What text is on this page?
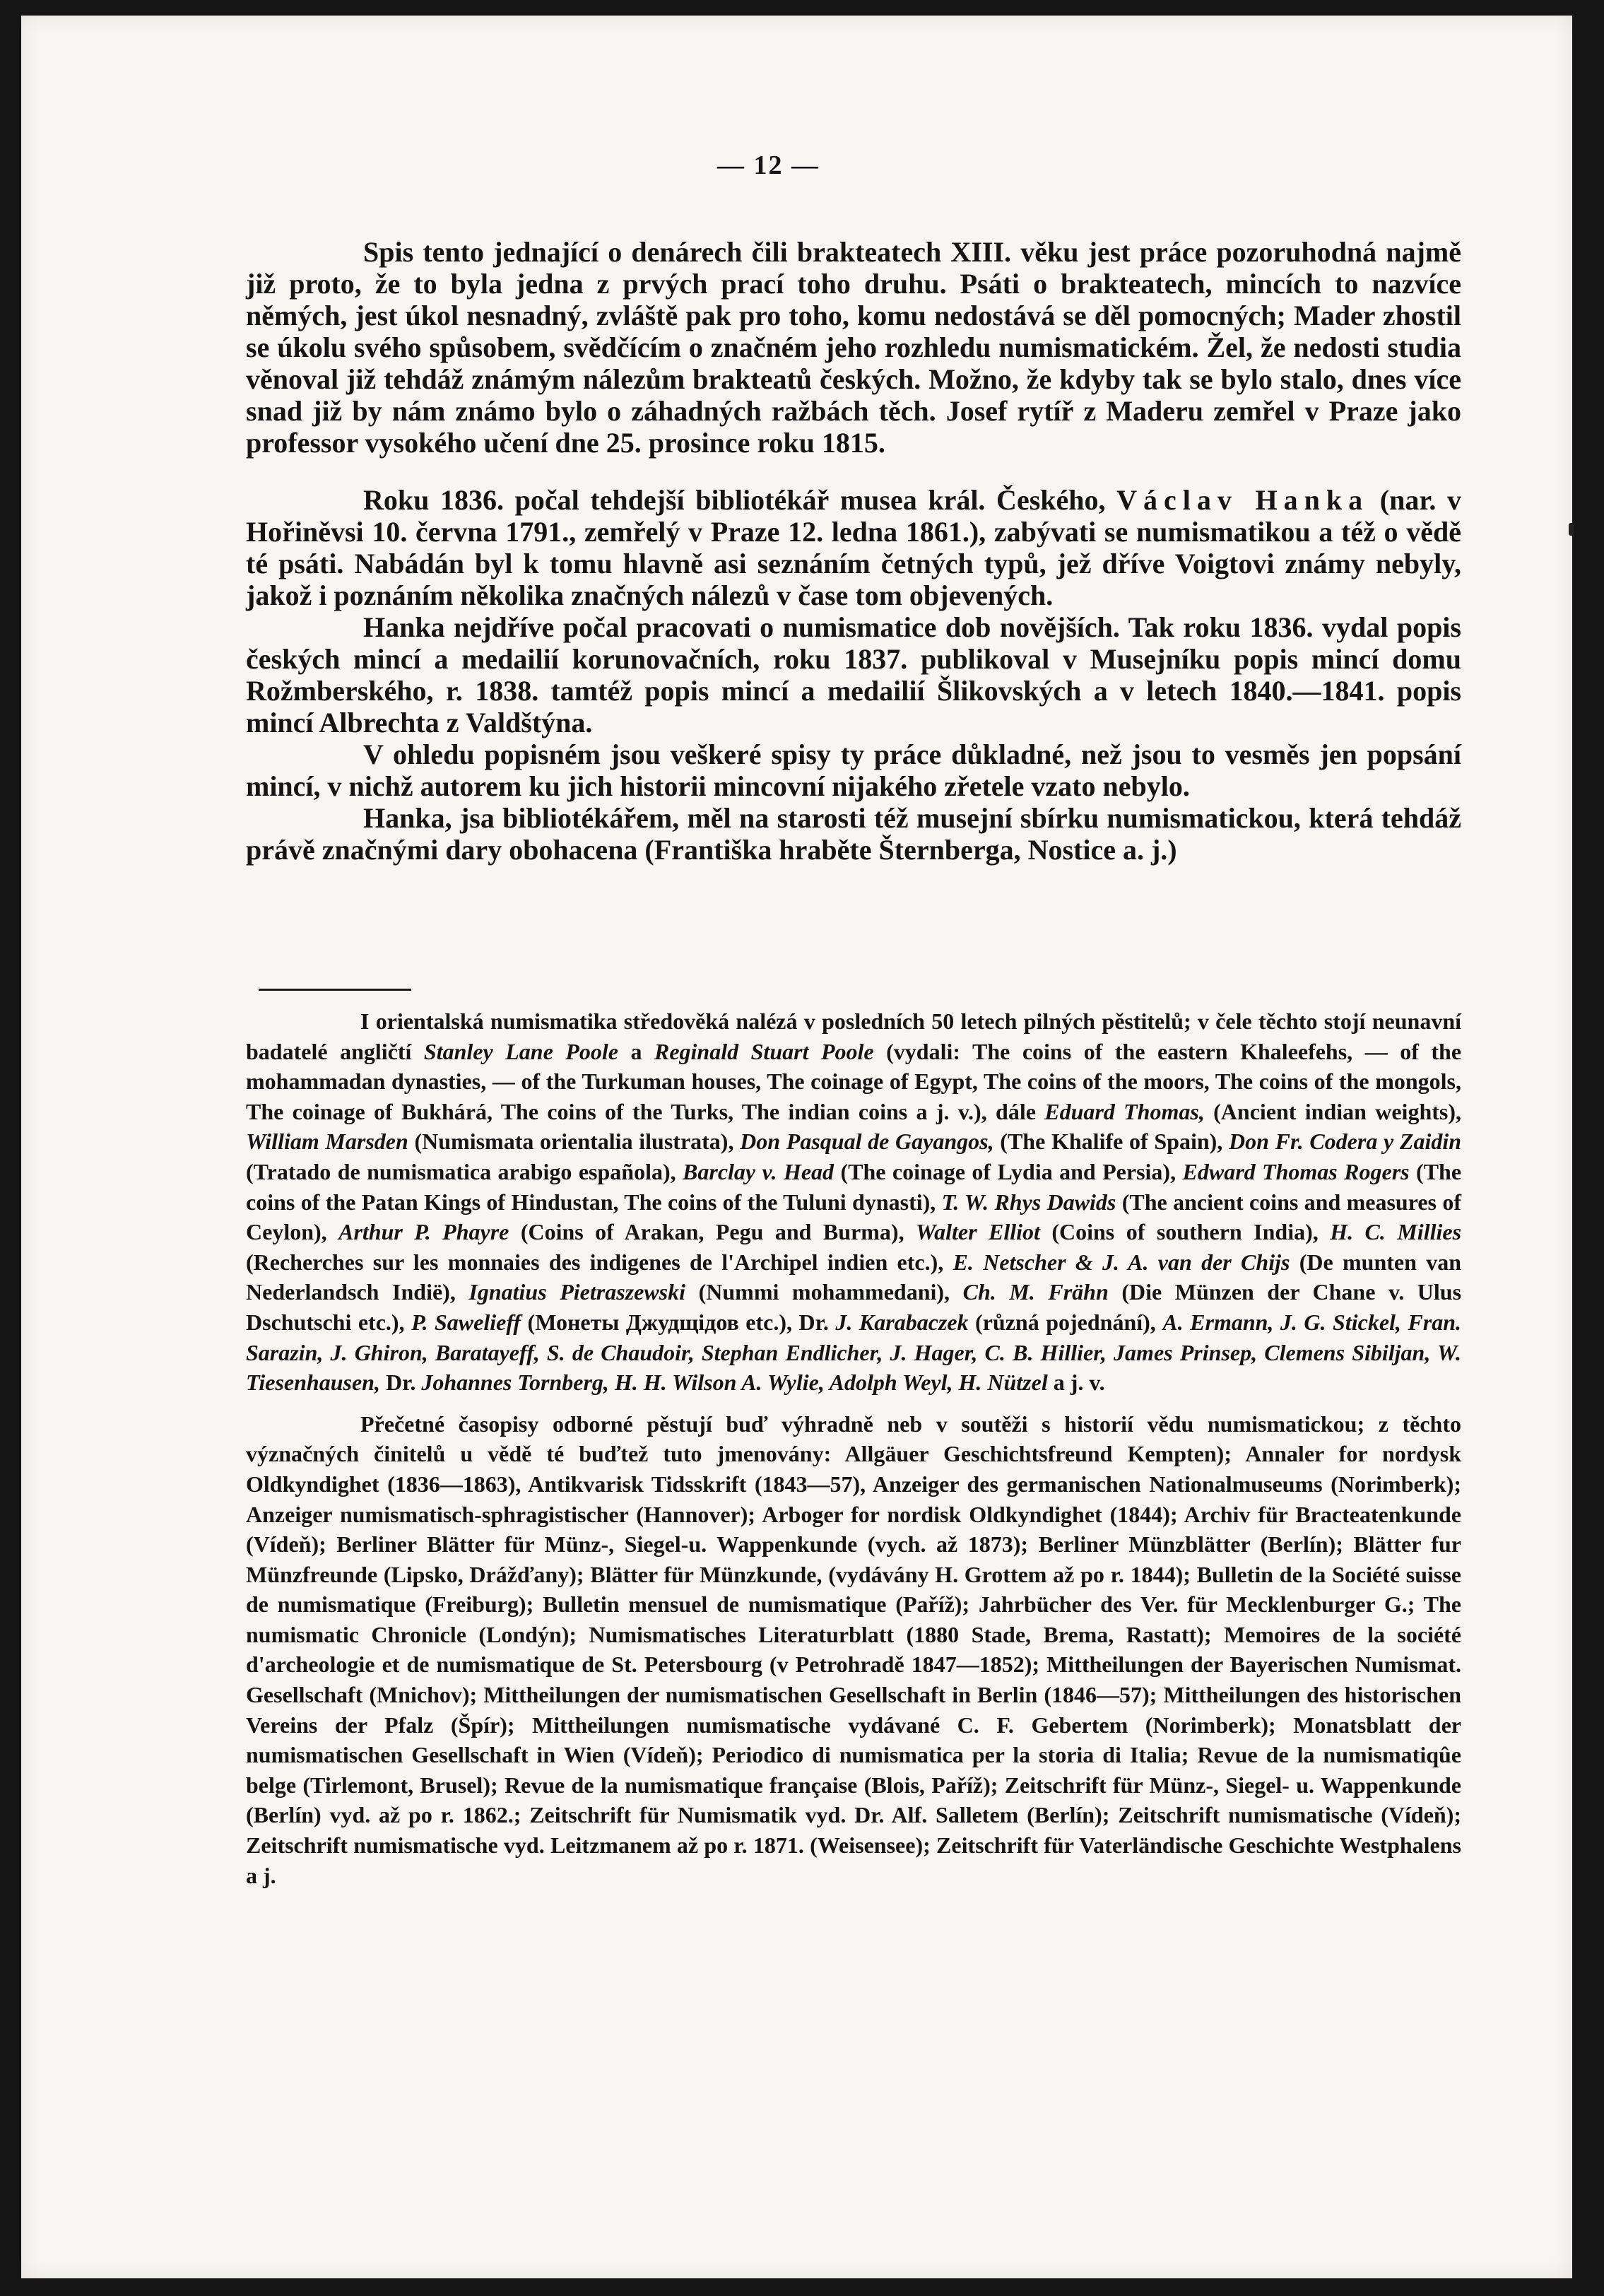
— 12 —

Spis tento jednající o denárech čili brakteatech XIII. věku jest práce pozoruhodná najmě již proto, že to byla jedna z prvých prací toho druhu. Psáti o brakteatech, mincích to nazvíce němých, jest úkol nesnadný, zvláště pak pro toho, komu nedostává se děl pomocných; Mader zhostil se úkolu svého spůsobem, svědčícím o značném jeho rozhledu numismatickém. Žel, že nedosti studia věnoval již tehdáž známým nálezům brakteatů českých. Možno, že kdyby tak se bylo stalo, dnes více snad již by nám známo bylo o záhadných ražbách těch. Josef rytíř z Maderu zemřel v Praze jako professor vysokého učení dne 25. prosince roku 1815.

Roku 1836. počal tehdejší bibliotékář musea král. Českého, Václav Hanka (nar. v Hořiněvsi 10. června 1791., zemřelý v Praze 12. ledna 1861.), zabývati se numismatikou a též o vědě té psáti. Nabádán byl k tomu hlavně asi seznáním četných typů, jež dříve Voigtovi známy nebyly, jakož i poznáním několika značných nálezů v čase tom objevených.

Hanka nejdříve počal pracovati o numismatice dob novějších. Tak roku 1836. vydal popis českých mincí a medailií korunovačních, roku 1837. publikoval v Musejníku popis mincí domu Rožmberského, r. 1838. tamtéž popis mincí a medailií Šlikovských a v letech 1840.—1841. popis mincí Albrechta z Valdštýna.

V ohledu popisném jsou veškeré spisy ty práce důkladné, než jsou to vesměs jen popsání mincí, v nichž autorem ku jich historii mincovní nijakého zřetele vzato nebylo.

Hanka, jsa bibliotékářem, měl na starosti též musejní sbírku numismatickou, která tehdáž právě značnými dary obohacena (Františka hraběte Šternberga, Nostice a. j.)

I orientalská numismatika středověká nalézá v posledních 50 letech pilných pěstitelů; v čele těchto stojí neunavní badatelé angličtí Stanley Lane Poole a Reginald Stuart Poole (vydali: The coins of the eastern Khaleefehs, — of the mohammadan dynasties, — of the Turkuman houses, The coinage of Egypt, The coins of the moors, The coins of the mongols, The coinage of Bukhárá, The coins of the Turks, The indian coins a j. v.), dále Eduard Thomas, (Ancient indian weights), William Marsden (Numismata orientalia ilustrata), Don Pasqual de Gayangos, (The Khalife of Spain), Don Fr. Codera y Zaidin (Tratado de numismatica arabigo española), Barclay v. Head (The coinage of Lydia and Persia), Edward Thomas Rogers (The coins of the Patan Kings of Hindustan, The coins of the Tuluni dynasti), T. W. Rhys Dawids (The ancient coins and measures of Ceylon), Arthur P. Phayre (Coins of Arakan, Pegu and Burma), Walter Elliot (Coins of southern India), H. C. Millies (Recherches sur les monnaies des indigenes de l'Archipel indien etc.), E. Netscher & J. A. van der Chijs (De munten van Nederlandsch Indië), Ignatius Pietraszewski (Nummi mohammedani), Ch. M. Frähn (Die Münzen der Chane v. Ulus Dschutschi etc.), P. Saweliеff (Монеты Джудщідов etc.), Dr. J. Karabaczek (různá pojednání), A. Ermann, J. G. Stickel, Fran. Sarazin, J. Ghiron, Baratayeff, S. de Chaudoir, Stephan Endlicher, J. Hager, C. B. Hillier, James Prinsep, Clemens Sibiljan, W. Tiesenhausen, Dr. Johannes Tornberg, H. H. Wilson A. Wylie, Adolph Weyl, H. Nützel a j. v.

Přečetné časopisy odborné pěstují buď výhradně neb v soutěži s historií vědu numismatickou; z těchto význačných činitelů u vědě té buďtež tuto jmenovány: Allgäuer Geschichtsfreund Kempten); Annaler for nordysk Oldkyndighet (1836—1863), Antikvarisk Tidsskrift (1843—57), Anzeiger des germanischen Nationalmuseums (Norimberk); Anzeiger numismatisch-sphragistischer (Hannover); Arboger for nordisk Oldkyndighet (1844); Archiv für Bracteatenkunde (Vídeň); Berliner Blätter für Münz-, Siegel-u. Wappenkunde (vych. až 1873); Berliner Münzblätter (Berlín); Blätter fur Münzfreunde (Lipsko, Drážďany); Blätter für Münzkunde, (vydávány H. Grottem až po r. 1844); Bulletin de la Société suisse de numismatique (Freiburg); Bulletin mensuel de numismatique (Paříž); Jahrbücher des Ver. für Mecklenburger G.; The numismatic Chronicle (Londýn); Numismatisches Literaturblatt (1880 Stade, Brema, Rastatt); Memoires de la société d'archeologie et de numismatique de St. Petersbourg (v Petrohradě 1847—1852); Mittheilungen der Bayerischen Numismat. Gesellschaft (Mnichov); Mittheilungen der numismatischen Gesellschaft in Berlin (1846—57); Mittheilungen des historischen Vereins der Pfalz (Špír); Mittheilungen numismatische vydávané C. F. Gebertem (Norimberk); Monatsblatt der numismatischen Gesellschaft in Wien (Vídeň); Periodico di numismatica per la storia di Italia; Revue de la numismatiqûe belge (Tirlemont, Brusel); Revue de la numismatique française (Blois, Paříž); Zeitschrift für Münz-, Siegel- u. Wappenkunde (Berlín) vyd. až po r. 1862.; Zeitschrift für Numismatik vyd. Dr. Alf. Salletem (Berlín); Zeitschrift numismatische (Vídeň); Zeitschrift numismatische vyd. Leitzmanem až po r. 1871. (Weisensee); Zeitschrift für Vaterländische Geschichte Westphalens a j.
